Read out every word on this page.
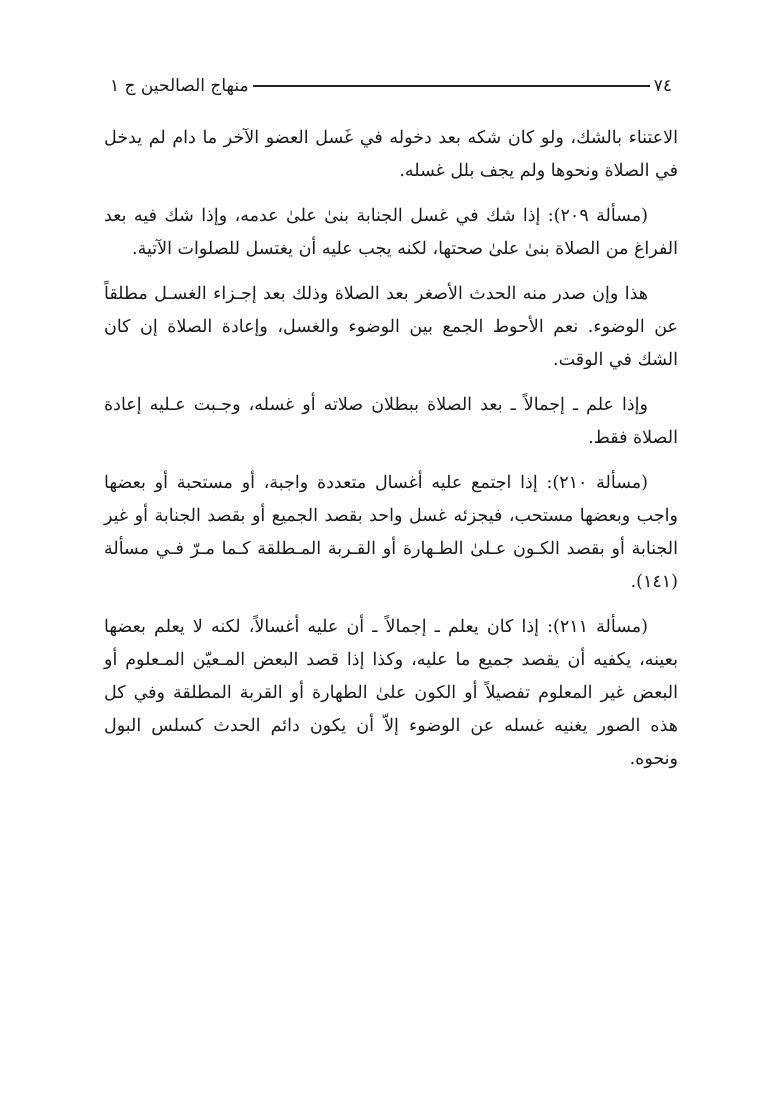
٧٤
منهاج الصالحين ج ١

الاعتناء بالشك، ولو كان شكه بعد دخوله في غَسل العضو الآخر ما دام لم يدخل في الصلاة ونحوها ولم يجف بلل غسله.

(مسألة ٢٠٩): إذا شك في غسل الجنابة بنىٰ علىٰ عدمه، وإذا شك فيه بعد الفراغ من الصلاة بنىٰ علىٰ صحتها، لكنه يجب عليه أن يغتسل للصلوات الآتية.

هذا وإن صدر منه الحدث الأصغر بعد الصلاة وذلك بعد إجـزاء الغسـل مطلقاً عن الوضوء. نعم الأحوط الجمع بين الوضوء والغسل، وإعادة الصلاة إن كان الشك في الوقت.

وإذا علم ـ إجمالاً ـ بعد الصلاة ببطلان صلاته أو غسله، وجـبت عـليه إعادة الصلاة فقط.

(مسألة ٢١٠): إذا اجتمع عليه أغسال متعددة واجبة، أو مستحبة أو بعضها واجب وبعضها مستحب، فيجزئه غسل واحد بقصد الجميع أو بقصد الجنابة أو غير الجنابة أو بقصد الكـون عـلىٰ الطـهارة أو القـربة المـطلقة كـما مـرّ فـي مسألة (١٤١).

(مسألة ٢١١): إذا كان يعلم ـ إجمالاً ـ أن عليه أغسالاً، لكنه لا يعلم بعضها بعينه، يكفيه أن يقصد جميع ما عليه، وكذا إذا قصد البعض المـعيّن المـعلوم أو البعض غير المعلوم تفصيلاً أو الكون علىٰ الطهارة أو القربة المطلقة وفي كل هذه الصور يغنيه غسله عن الوضوء إلاّ أن يكون دائم الحدث كسلس البول ونحوه.
